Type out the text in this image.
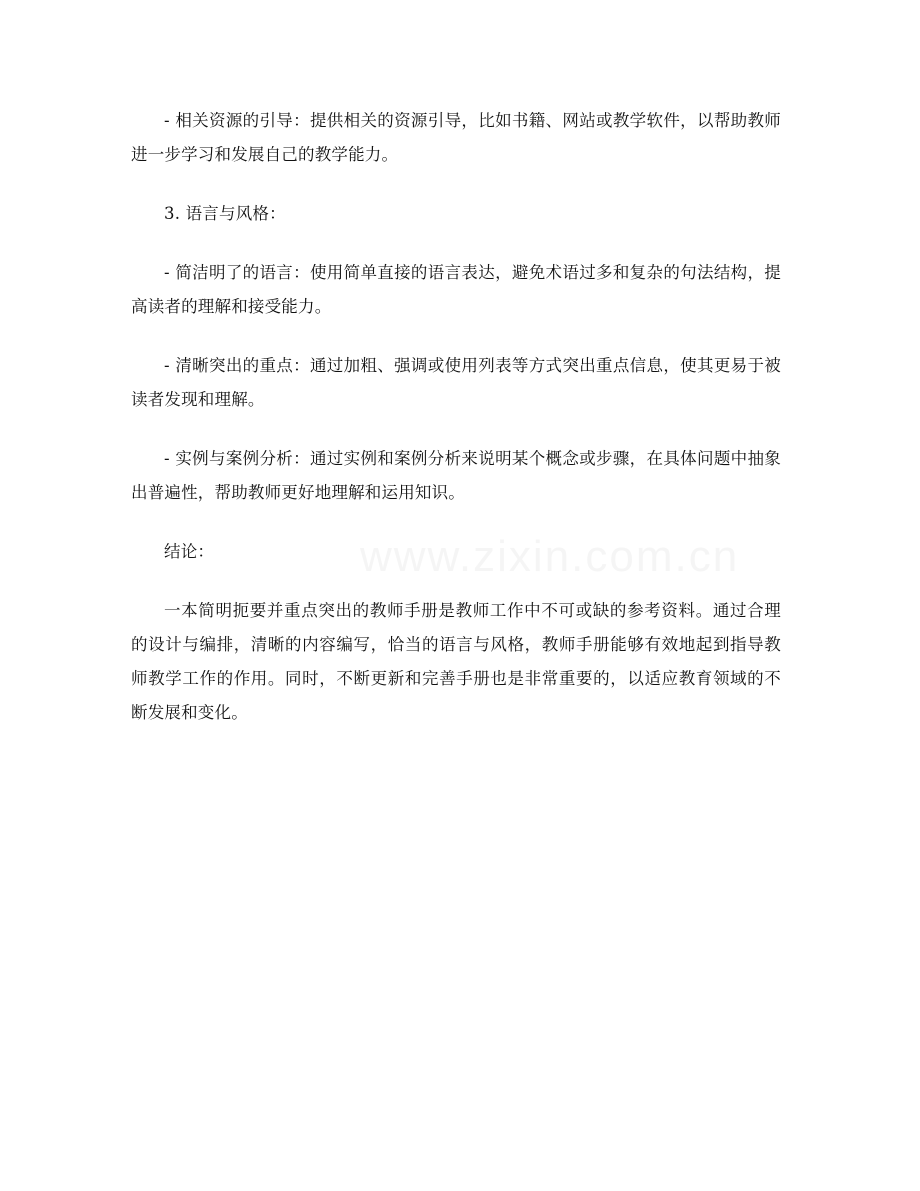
- 相关资源的引导：提供相关的资源引导，比如书籍、网站或教学软件，以帮助教师进一步学习和发展自己的教学能力。

3. 语言与风格：

- 简洁明了的语言：使用简单直接的语言表达，避免术语过多和复杂的句法结构，提高读者的理解和接受能力。

- 清晰突出的重点：通过加粗、强调或使用列表等方式突出重点信息，使其更易于被读者发现和理解。

- 实例与案例分析：通过实例和案例分析来说明某个概念或步骤，在具体问题中抽象出普遍性，帮助教师更好地理解和运用知识。

结论：

一本简明扼要并重点突出的教师手册是教师工作中不可或缺的参考资料。通过合理的设计与编排，清晰的内容编写，恰当的语言与风格，教师手册能够有效地起到指导教师教学工作的作用。同时，不断更新和完善手册也是非常重要的，以适应教育领域的不断发展和变化。

www.zixin.com.cn
